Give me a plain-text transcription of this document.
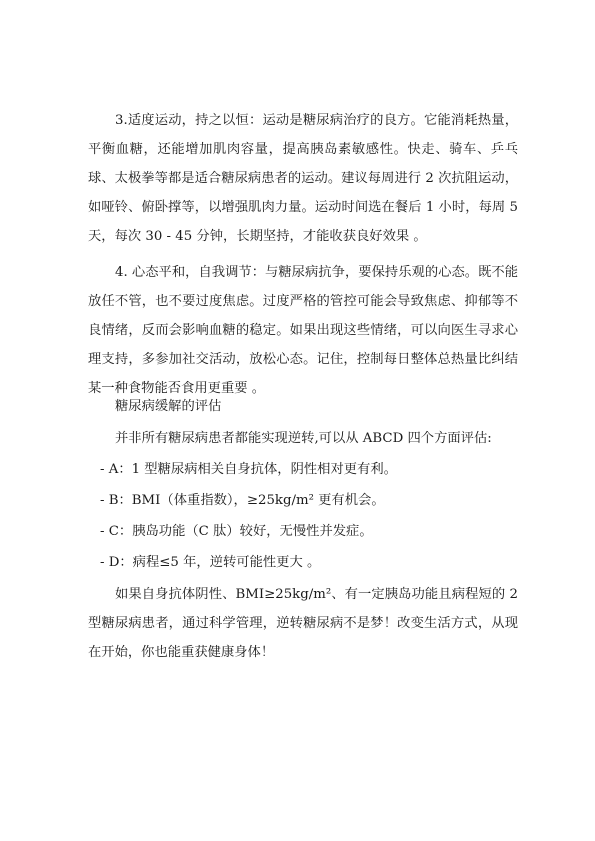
3.适度运动，持之以恒：运动是糖尿病治疗的良方。它能消耗热量，平衡血糖，还能增加肌肉容量，提高胰岛素敏感性。快走、骑车、乒乓球、太极拳等都是适合糖尿病患者的运动。建议每周进行 2 次抗阻运动，如哑铃、俯卧撑等，以增强肌肉力量。运动时间选在餐后 1 小时，每周 5 天，每次 30 - 45 分钟，长期坚持，才能收获良好效果 。

4. 心态平和，自我调节：与糖尿病抗争，要保持乐观的心态。既不能放任不管，也不要过度焦虑。过度严格的管控可能会导致焦虑、抑郁等不良情绪，反而会影响血糖的稳定。如果出现这些情绪，可以向医生寻求心理支持，多参加社交活动，放松心态。记住，控制每日整体总热量比纠结某一种食物能否食用更重要 。

糖尿病缓解的评估

并非所有糖尿病患者都能实现逆转,可以从 ABCD 四个方面评估:

- A：1 型糖尿病相关自身抗体，阴性相对更有利。

- B：BMI（体重指数），≥25kg/m² 更有机会。

- C：胰岛功能（C 肽）较好，无慢性并发症。

- D：病程≤5 年，逆转可能性更大 。

如果自身抗体阴性、BMI≥25kg/m²、有一定胰岛功能且病程短的 2 型糖尿病患者，通过科学管理，逆转糖尿病不是梦！改变生活方式，从现在开始，你也能重获健康身体！
